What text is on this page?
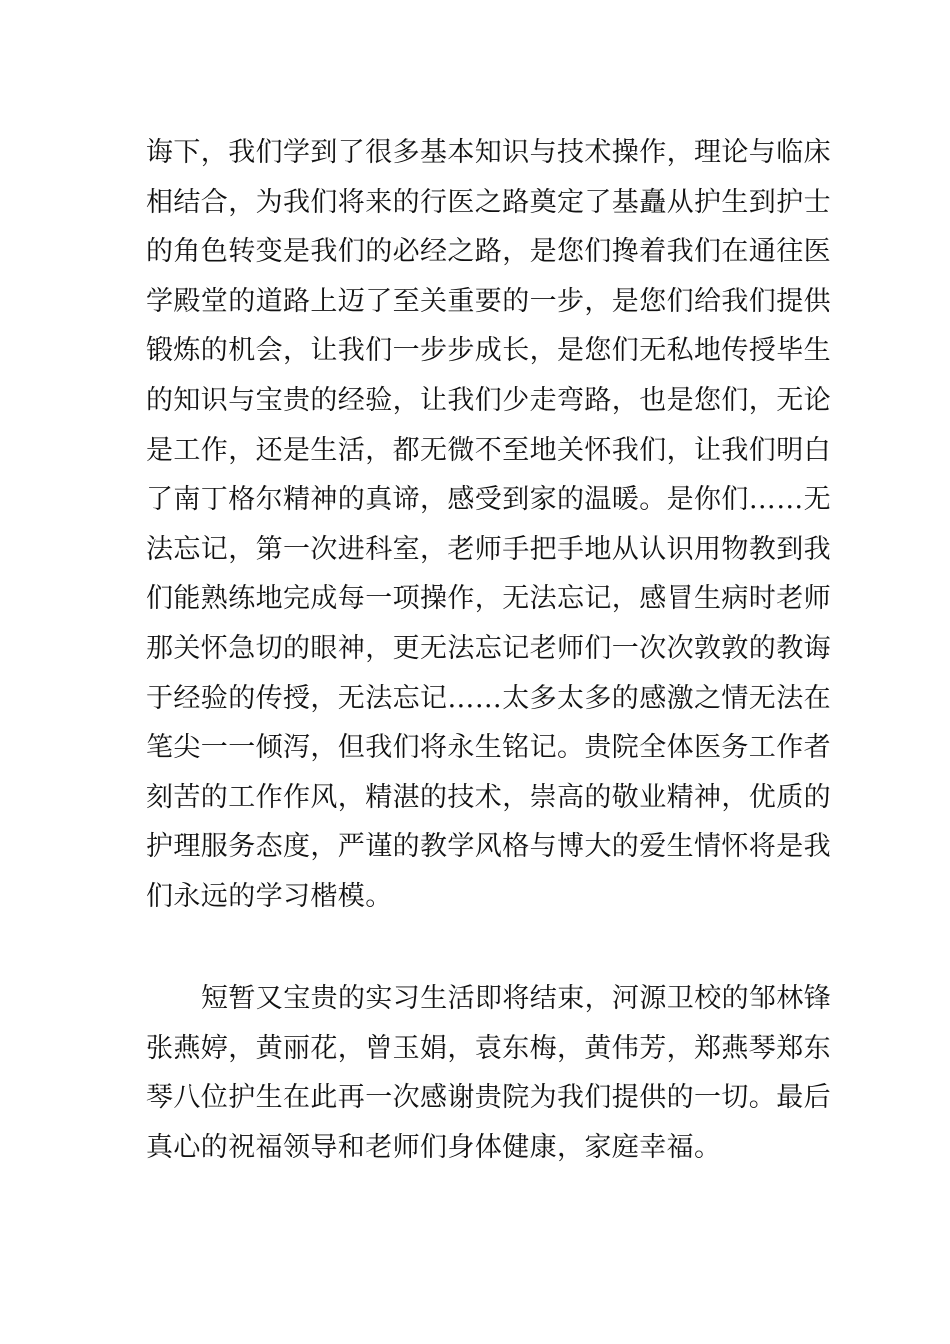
诲下，我们学到了很多基本知识与技术操作，理论与临床
相结合，为我们将来的行医之路奠定了基矗从护生到护士
的角色转变是我们的必经之路，是您们搀着我们在通往医
学殿堂的道路上迈了至关重要的一步，是您们给我们提供
锻炼的机会，让我们一步步成长，是您们无私地传授毕生
的知识与宝贵的经验，让我们少走弯路，也是您们，无论
是工作，还是生活，都无微不至地关怀我们，让我们明白
了南丁格尔精神的真谛，感受到家的温暖。是你们……无
法忘记，第一次进科室，老师手把手地从认识用物教到我
们能熟练地完成每一项操作，无法忘记，感冒生病时老师
那关怀急切的眼神，更无法忘记老师们一次次敦敦的教诲
于经验的传授，无法忘记……太多太多的感激之情无法在
笔尖一一倾泻，但我们将永生铭记。贵院全体医务工作者
刻苦的工作作风，精湛的技术，崇高的敬业精神，优质的
护理服务态度，严谨的教学风格与博大的爱生情怀将是我
们永远的学习楷模。
短暂又宝贵的实习生活即将结束，河源卫校的邹林锋
张燕婷，黄丽花，曾玉娟，袁东梅，黄伟芳，郑燕琴郑东
琴八位护生在此再一次感谢贵院为我们提供的一切。最后
真心的祝福领导和老师们身体健康，家庭幸福。
